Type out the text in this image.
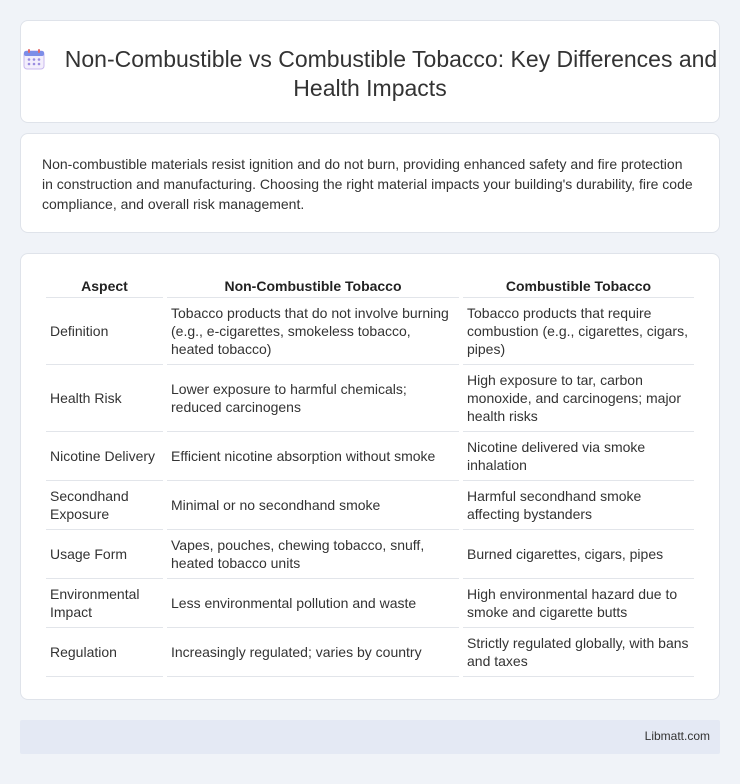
Non-Combustible vs Combustible Tobacco: Key Differences and Health Impacts

Non-combustible materials resist ignition and do not burn, providing enhanced safety and fire protection in construction and manufacturing. Choosing the right material impacts your building's durability, fire code compliance, and overall risk management.

Aspect	Non-Combustible Tobacco	Combustible Tobacco
Definition	Tobacco products that do not involve burning (e.g., e-cigarettes, smokeless tobacco, heated tobacco)	Tobacco products that require combustion (e.g., cigarettes, cigars, pipes)
Health Risk	Lower exposure to harmful chemicals; reduced carcinogens	High exposure to tar, carbon monoxide, and carcinogens; major health risks
Nicotine Delivery	Efficient nicotine absorption without smoke	Nicotine delivered via smoke inhalation
Secondhand Exposure	Minimal or no secondhand smoke	Harmful secondhand smoke affecting bystanders
Usage Form	Vapes, pouches, chewing tobacco, snuff, heated tobacco units	Burned cigarettes, cigars, pipes
Environmental Impact	Less environmental pollution and waste	High environmental hazard due to smoke and cigarette butts
Regulation	Increasingly regulated; varies by country	Strictly regulated globally, with bans and taxes
Libmatt.com
